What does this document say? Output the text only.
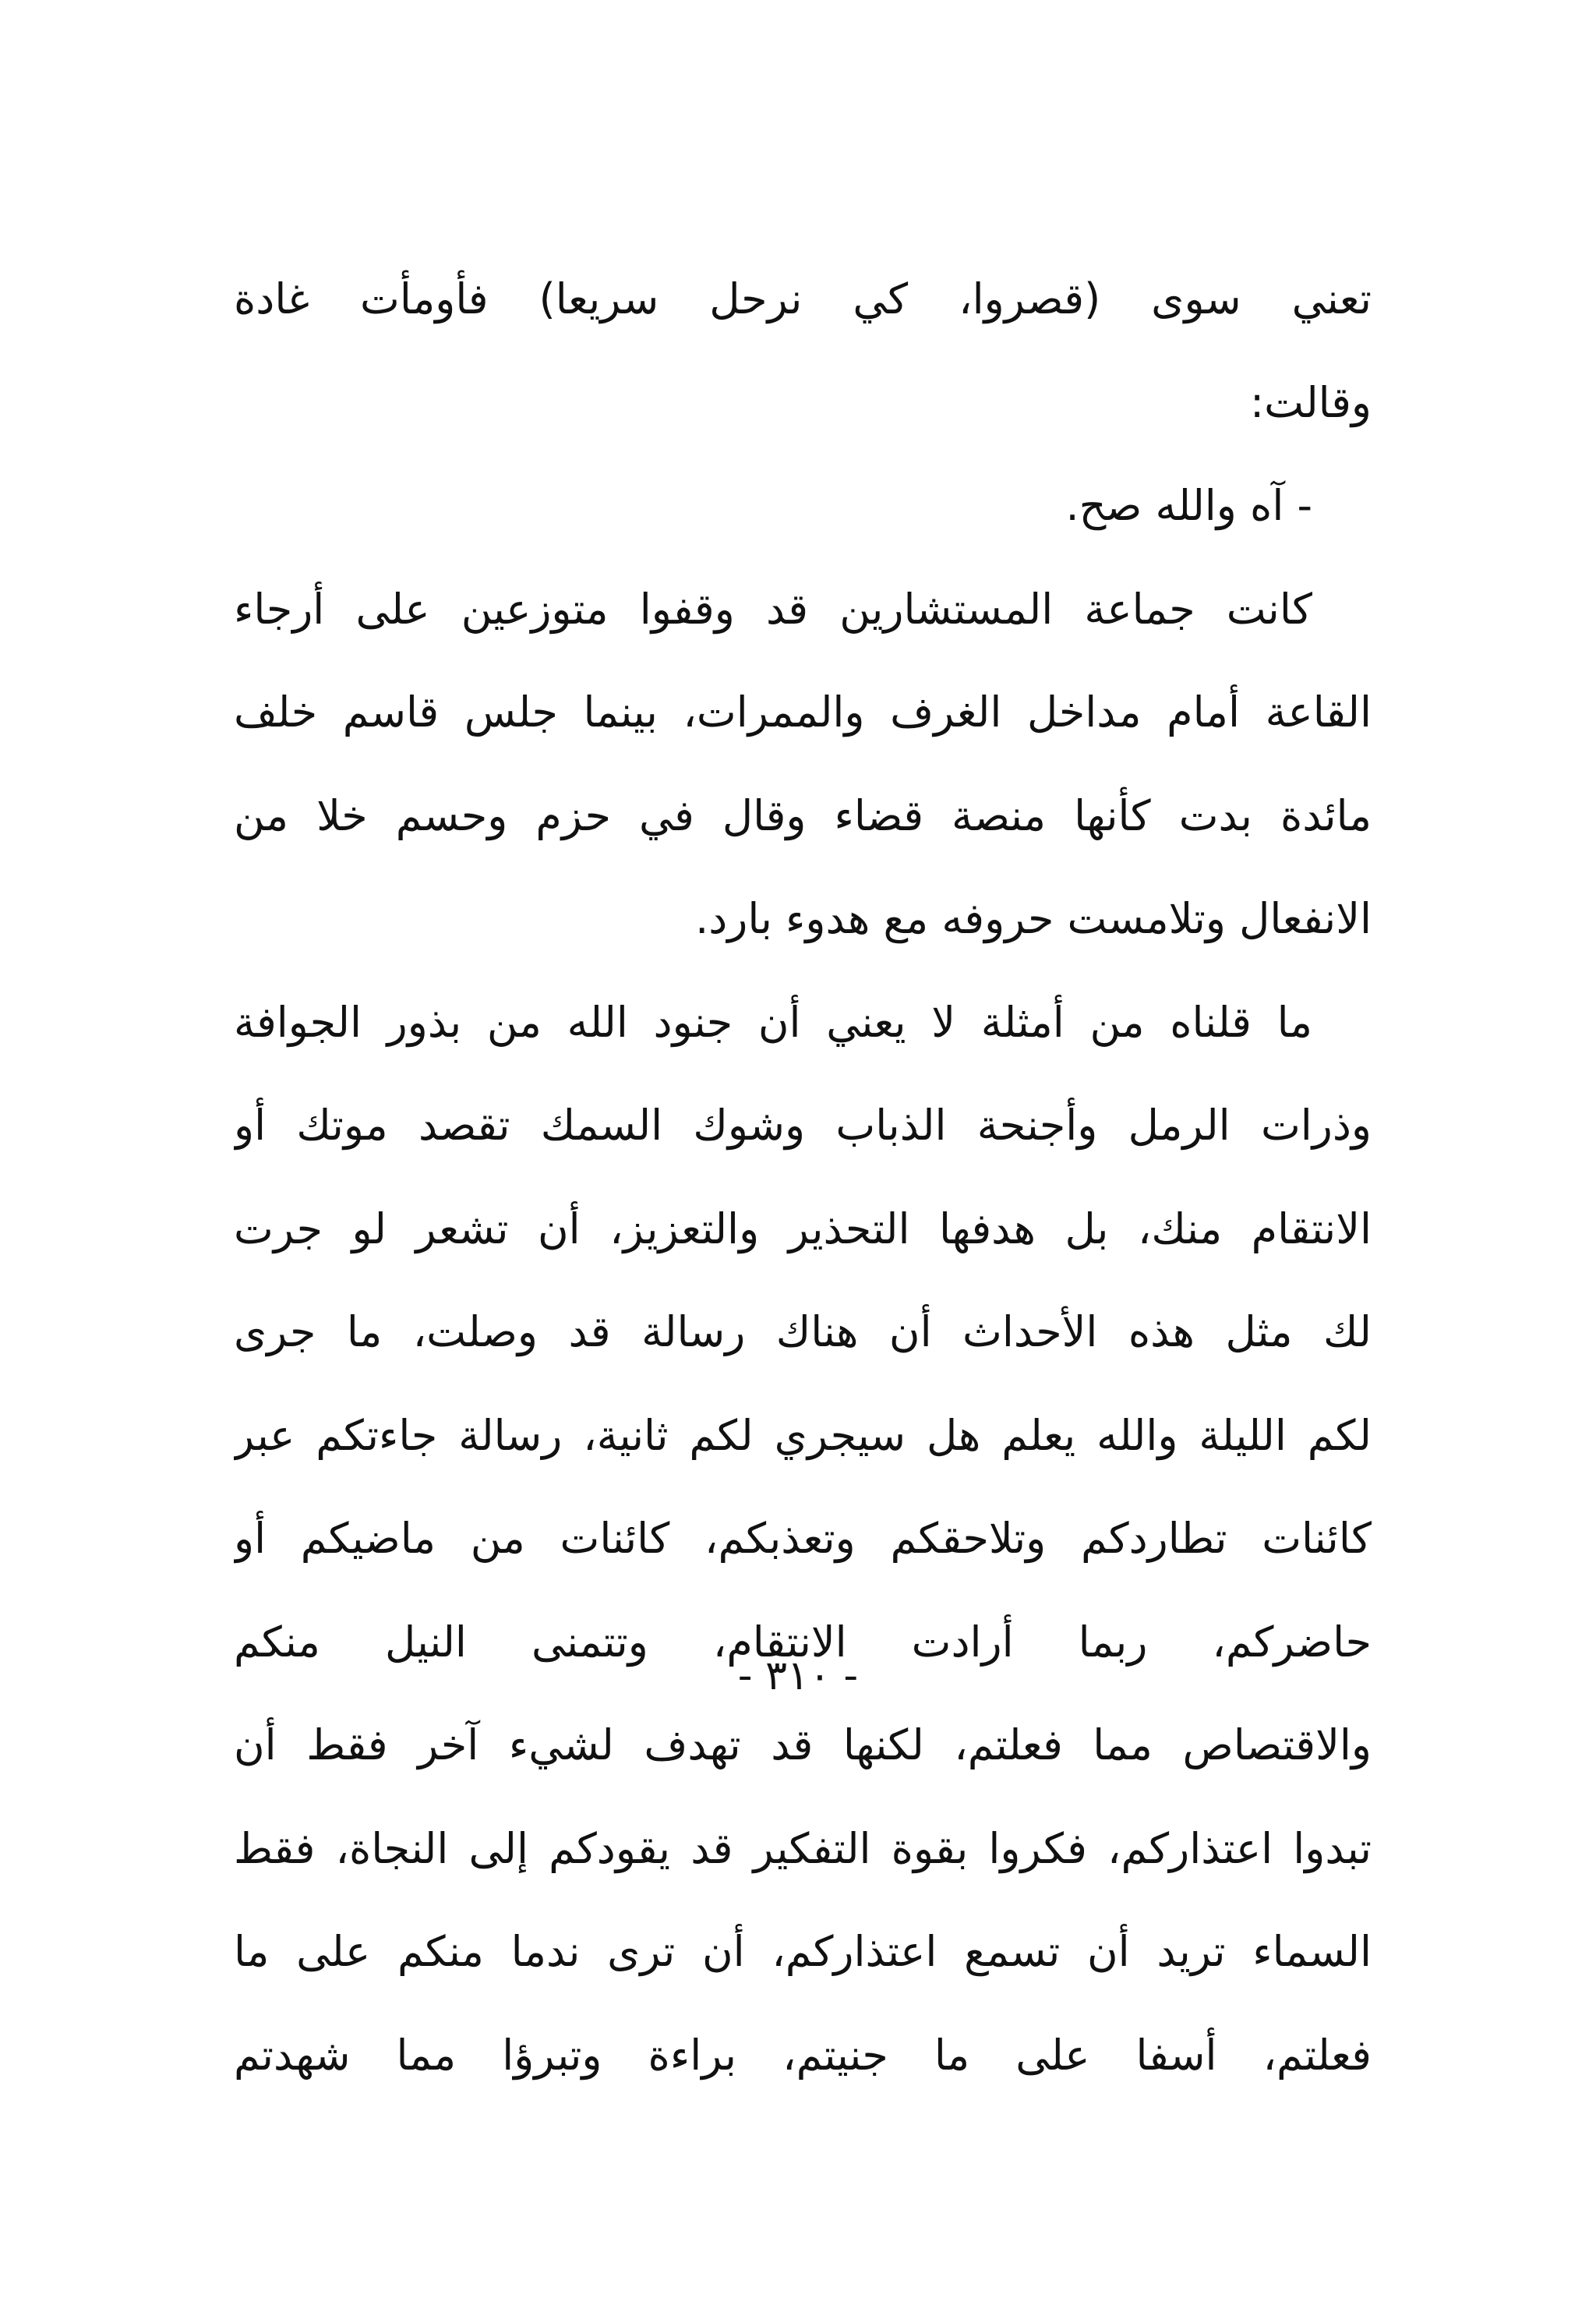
تعني سوى (قصروا، كي نرحل سريعا) فأومأت غادة
وقالت:
- آه والله صح.
كانت جماعة المستشارين قد وقفوا متوزعين على أرجاء
القاعة أمام مداخل الغرف والممرات، بينما جلس قاسم خلف
مائدة بدت كأنها منصة قضاء وقال في حزم وحسم خلا من
الانفعال وتلامست حروفه مع هدوء بارد.
ما قلناه من أمثلة لا يعني أن جنود الله من بذور الجوافة
وذرات الرمل وأجنحة الذباب وشوك السمك تقصد موتك أو
الانتقام منك، بل هدفها التحذير والتعزيز، أن تشعر لو جرت
لك مثل هذه الأحداث أن هناك رسالة قد وصلت، ما جرى
لكم الليلة والله يعلم هل سيجري لكم ثانية، رسالة جاءتكم عبر
كائنات تطاردكم وتلاحقكم وتعذبكم، كائنات من ماضيكم أو
حاضركم، ربما أرادت الانتقام، وتتمنى النيل منكم
والاقتصاص مما فعلتم، لكنها قد تهدف لشيء آخر فقط أن
تبدوا اعتذاركم، فكروا بقوة التفكير قد يقودكم إلى النجاة، فقط
السماء تريد أن تسمع اعتذاركم، أن ترى ندما منكم على ما
فعلتم، أسفا على ما جنيتم، براءة وتبرؤا مما شهدتم
- ٣١٠ -
